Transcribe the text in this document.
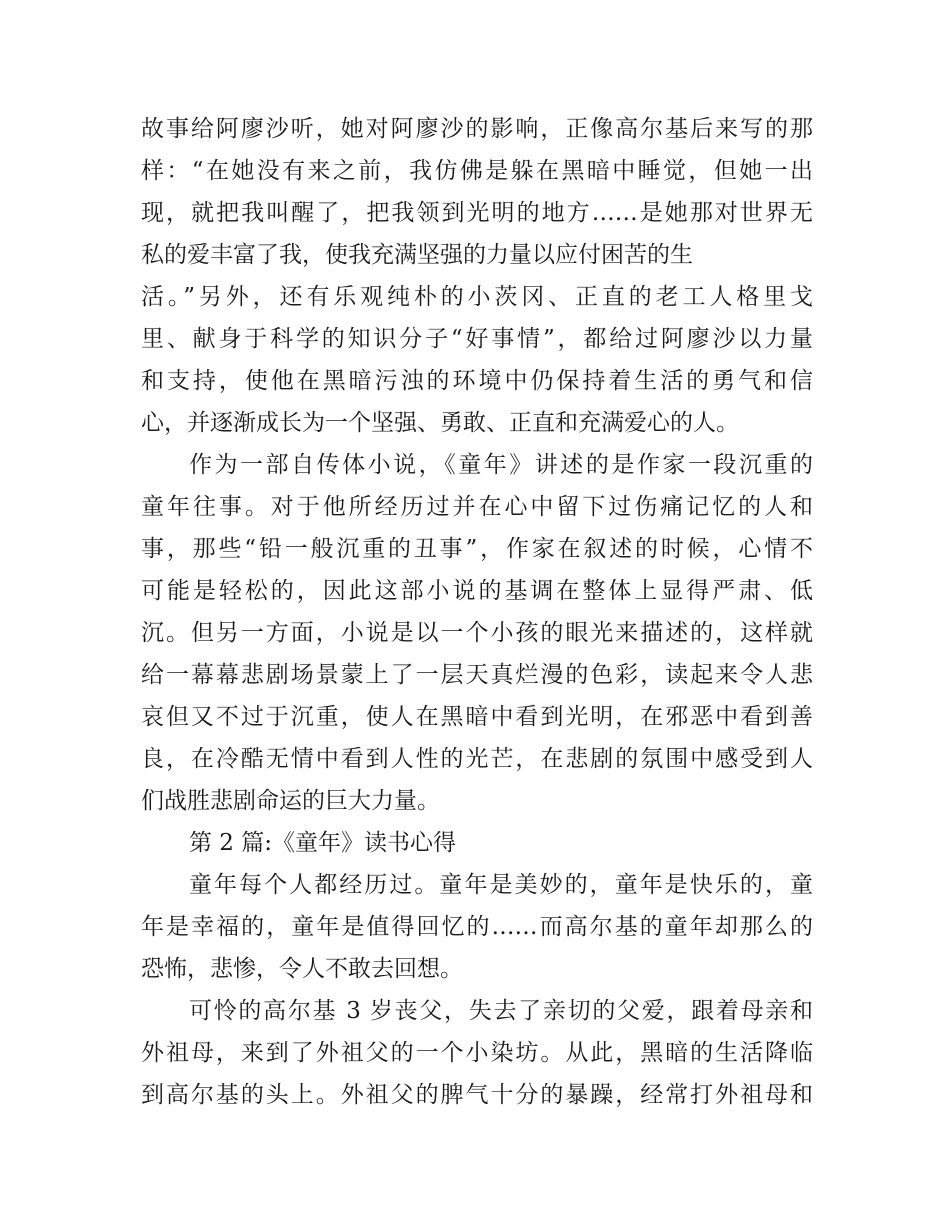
故事给阿廖沙听，她对阿廖沙的影响，正像高尔基后来写的那
样：“在她没有来之前，我仿佛是躲在黑暗中睡觉，但她一出
现，就把我叫醒了，把我领到光明的地方……是她那对世界无
私的爱丰富了我，使我充满坚强的力量以应付困苦的生
活。”另外，还有乐观纯朴的小茨冈、正直的老工人格里戈
里、献身于科学的知识分子“好事情”，都给过阿廖沙以力量
和支持，使他在黑暗污浊的环境中仍保持着生活的勇气和信
心，并逐渐成长为一个坚强、勇敢、正直和充满爱心的人。
作为一部自传体小说，《童年》讲述的是作家一段沉重的
童年往事。对于他所经历过并在心中留下过伤痛记忆的人和
事，那些“铅一般沉重的丑事”，作家在叙述的时候，心情不
可能是轻松的，因此这部小说的基调在整体上显得严肃、低
沉。但另一方面，小说是以一个小孩的眼光来描述的，这样就
给一幕幕悲剧场景蒙上了一层天真烂漫的色彩，读起来令人悲
哀但又不过于沉重，使人在黑暗中看到光明，在邪恶中看到善
良，在冷酷无情中看到人性的光芒，在悲剧的氛围中感受到人
们战胜悲剧命运的巨大力量。
第 2 篇:《童年》读书心得
童年每个人都经历过。童年是美妙的，童年是快乐的，童
年是幸福的，童年是值得回忆的……而高尔基的童年却那么的
恐怖，悲惨，令人不敢去回想。
可怜的高尔基 3 岁丧父，失去了亲切的父爱，跟着母亲和
外祖母，来到了外祖父的一个小染坊。从此，黑暗的生活降临
到高尔基的头上。外祖父的脾气十分的暴躁，经常打外祖母和
